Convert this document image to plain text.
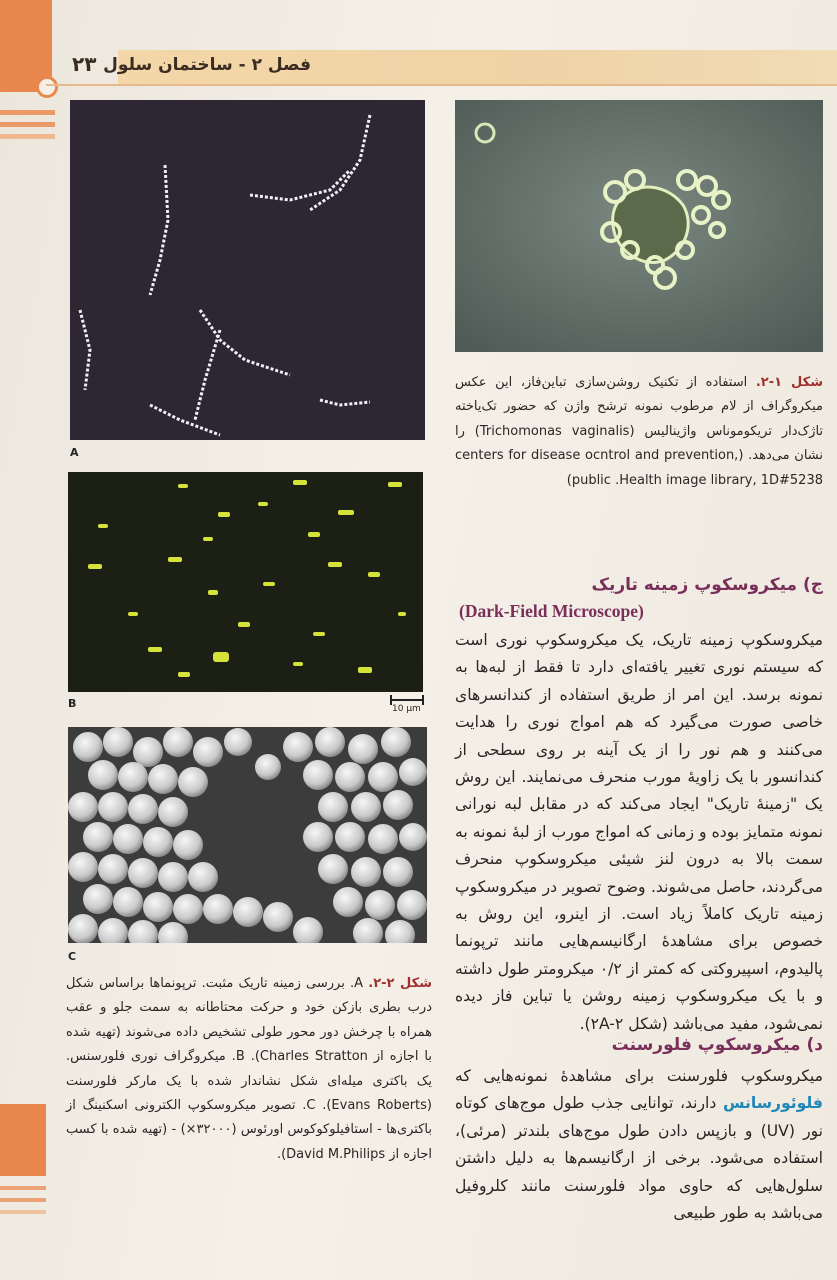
۲۳ فصل ۲ - ساختمان سلول
A
B	10 µm
C

شکل ۱-۲. استفاده از تکنیک روشن‌سازی تباین‌فاز، این عکس میکروگراف از لام مرطوب نمونه ترشح واژن که حضور تک‌یاخته تاژک‌دار تریکوموناس واژینالیس (Trichomonas vaginalis) را نشان می‌دهد. (centers for disease ocntrol and prevention, public .Health image library, 1D#5238)

شکل ۲-۲. A. بررسی زمینه تاریک مثبت. ترپونماها براساس شکل درب بطری بازکن خود و حرکت محتاطانه به سمت جلو و عقب همراه با چرخش دور محور طولی تشخیص داده می‌شوند (تهیه شده با اجازه از Charles Stratton). B. میکروگراف نوری فلورسنس. یک باکتری میله‌ای شکل نشاندار شده با یک مارکر فلورسنت (Evans Roberts). C. تصویر میکروسکوپ الکترونی اسکنینگ از باکتری‌ها - استافیلوکوکوس اورئوس (۳۲۰۰۰×) - (تهیه شده با کسب اجازه از David M.Philips).

ج) میکروسکوپ زمینه تاریک
(Dark-Field Microscope)

میکروسکوپ زمینه تاریک، یک میکروسکوپ نوری است که سیستم نوری تغییر یافته‌ای دارد تا فقط از لبه‌ها به نمونه برسد. این امر از طریق استفاده از کندانسرهای خاصی صورت می‌گیرد که هم امواج نوری را هدایت می‌کنند و هم نور را از یک آینه بر روی سطحی از کندانسور با یک زاویهٔ مورب منحرف می‌نمایند. این روش یک "زمینهٔ تاریک" ایجاد می‌کند که در مقابل لبه نورانی نمونه متمایز بوده و زمانی که امواج مورب از لبهٔ نمونه به سمت بالا به درون لنز شیئی میکروسکوپ منحرف می‌گردند، حاصل می‌شوند. وضوح تصویر در میکروسکوپ زمینه تاریک کاملاً زیاد است. از اینرو، این روش به خصوص برای مشاهدهٔ ارگانیسم‌هایی مانند ترپونما پالیدوم، اسپیروکتی که کمتر از ۰/۲ میکرومتر طول داشته و با یک میکروسکوپ زمینه روشن یا تباین فاز دیده نمی‌شود، مفید می‌باشد (شکل ۲A-۲).

د) میکروسکوپ فلورسنت

میکروسکوپ فلورسنت برای مشاهدهٔ نمونه‌هایی که فلوئورسانس دارند، توانایی جذب طول موج‌های کوتاه نور (UV) و بازپس دادن طول موج‌های بلندتر (مرئی)، استفاده می‌شود. برخی از ارگانیسم‌ها به دلیل داشتن سلول‌هایی که حاوی مواد فلورسنت مانند کلروفیل می‌باشد به طور طبیعی
